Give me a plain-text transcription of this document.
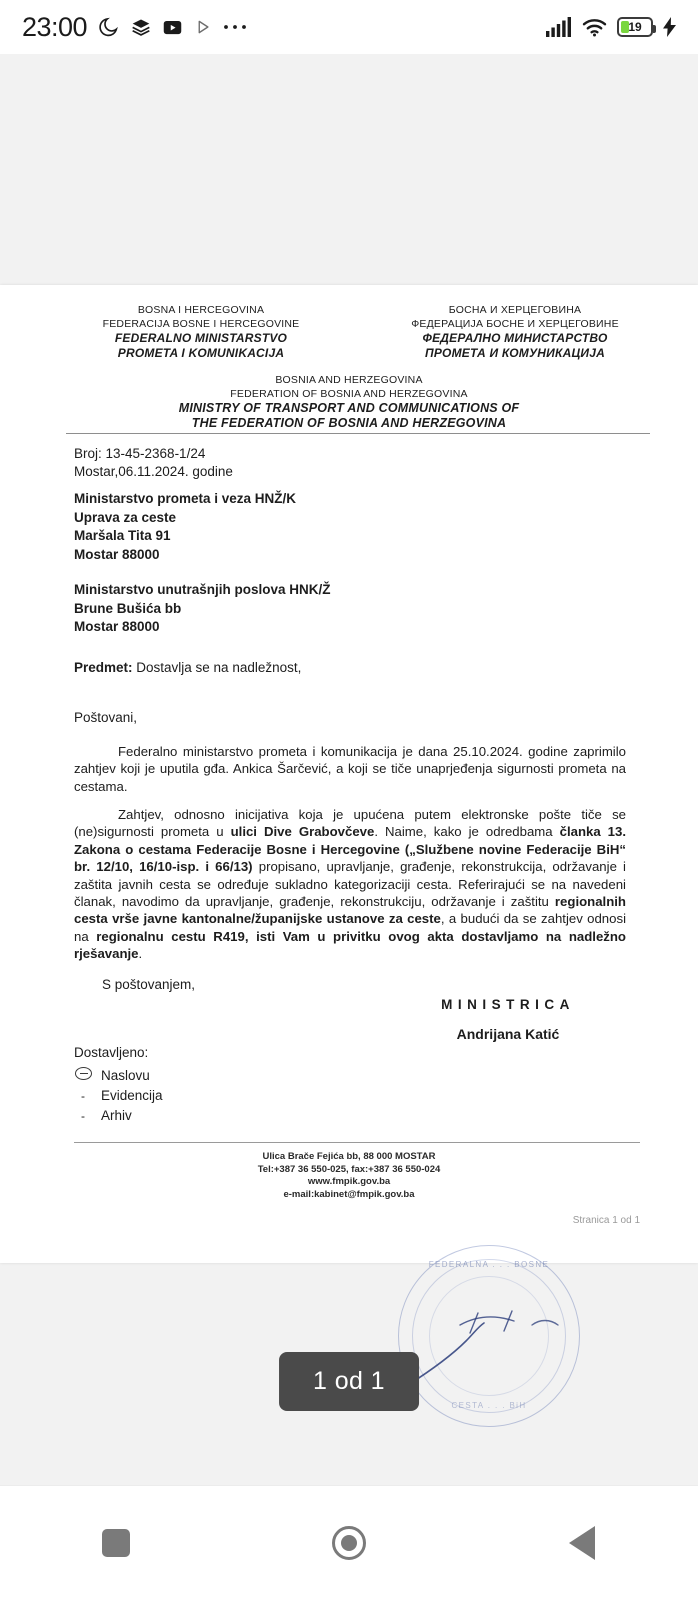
23:00	19
BOSNA I HERCEGOVINA
FEDERACIJA BOSNE I HERCEGOVINE
FEDERALNO MINISTARSTVO
PROMETA I KOMUNIKACIJA
БОСНА И ХЕРЦЕГОВИНА
ФЕДЕРАЦИЈА БОСНЕ И ХЕРЦЕГОВИНЕ
ФЕДЕРАЛНО МИНИСТАРСТВО
ПРОМЕТА И КОМУНИКАЦИЈА
BOSNIA AND HERZEGOVINA
FEDERATION OF BOSNIA AND HERZEGOVINA
MINISTRY OF TRANSPORT AND COMMUNICATIONS OF
THE FEDERATION OF BOSNIA AND HERZEGOVINA
Broj: 13-45-2368-1/24
Mostar,06.11.2024. godine
Ministarstvo prometa i veza HNŽ/K
Uprava za ceste
Maršala Tita 91
Mostar 88000
Ministarstvo unutrašnjih poslova HNK/Ž
Brune Bušića bb
Mostar 88000
Predmet: Dostavlja se na nadležnost,
Poštovani,
Federalno ministarstvo prometa i komunikacija je dana 25.10.2024. godine zaprimilo zahtjev koji je uputila gđa. Ankica Šarčević, a koji se tiče unaprjeđenja sigurnosti prometa na cestama.
Zahtjev, odnosno inicijativa koja je upućena putem elektronske pošte tiče se (ne)sigurnosti prometa u ulici Dive Grabovčeve. Naime, kako je odredbama članka 13. Zakona o cestama Federacije Bosne i Hercegovine („Službene novine Federacije BiH“ br. 12/10, 16/10-isp. i 66/13) propisano, upravljanje, građenje, rekonstrukcija, održavanje i zaštita javnih cesta se određuje sukladno kategorizaciji cesta. Referirajući se na navedeni članak, navodimo da upravljanje, građenje, rekonstrukciju, održavanje i zaštitu regionalnih cesta vrše javne kantonalne/županijske ustanove za ceste, a budući da se zahtjev odnosi na regionalnu cestu R419, isti Vam u privitku ovog akta dostavljamo na nadležno rješavanje.
S poštovanjem,
FEDERALNA . . . BOSNE
CESTA . . . BiH
MINISTRICA
Andrijana Katić
Dostavljeno:
Naslovu
-	Evidencija
-	Arhiv
Ulica Brače Fejića bb, 88 000 MOSTAR
Tel:+387 36 550-025, fax:+387 36 550-024
www.fmpik.gov.ba
e-mail:kabinet@fmpik.gov.ba
Stranica 1 od 1
1 od 1
